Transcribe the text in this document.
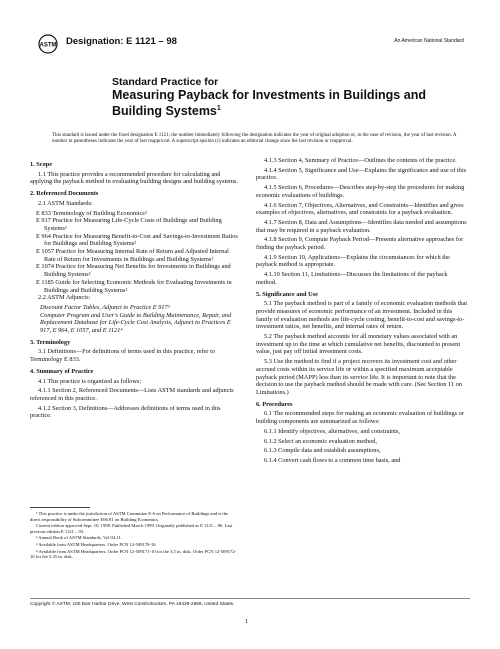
ASTM Designation: E 1121 – 98	An American National Standard
Standard Practice for
Measuring Payback for Investments in Buildings and
Building Systems$^1$
This standard is issued under the fixed designation E 1121; the number immediately following the designation indicates the year of original adoption or, in the case of revision, the year of last revision. A number in parentheses indicates the year of last reapproval. A superscript epsilon (ε) indicates an editorial change since the last revision or reapproval.
1. Scope
1.1 This practice provides a recommended procedure for calculating and applying the payback method in evaluating building designs and building systems.
2. Referenced Documents
2.1 ASTM Standards:
E 833 Terminology of Building Economics²
E 917 Practice for Measuring Life-Cycle Costs of Buildings and Building Systems²
E 964 Practice for Measuring Benefit-to-Cost and Savings-to-Investment Ratios for Buildings and Building Systems²
E 1057 Practice for Measuring Internal Rate of Return and Adjusted Internal Rate of Return for Investments in Buildings and Building Systems²
E 1074 Practice for Measuring Net Benefits for Investments in Buildings and Building Systems²
E 1185 Guide for Selecting Economic Methods for Evaluating Investments in Buildings and Building Systems²
2.2 ASTM Adjuncts:
Discount Factor Tables, Adjunct to Practice E 917³
Computer Program and User's Guide to Building Maintenance, Repair, and Replacement Database for Life-Cycle Cost Analysis, Adjunct to Practices E 917, E 964, E 1057, and E 1121⁴
3. Terminology
3.1 Definitions—For definitions of terms used in this practice, refer to Terminology E 833.
4. Summary of Practice
4.1 This practice is organized as follows:
4.1.1 Section 2, Referenced Documents—Lists ASTM standards and adjuncts referenced in this practice.
4.1.2 Section 3, Definitions—Addresses definitions of terms used in this practice.
¹ This practice is under the jurisdiction of ASTM Committee E-6 on Performance of Buildings and is the direct responsibility of Subcommittee E06.81 on Building Economics.
Current edition approved Sept. 10, 1998. Published March 1999. Originally published as E 1121 – 86. Last previous edition E 1121 – 93.
² Annual Book of ASTM Standards, Vol 04.11.
³ Available from ASTM Headquarters. Order PCN 12-509170-10.
⁴ Available from ASTM Headquarters. Order PCN 12-509171-10 for the 3.5 in. disk. Order PCN 12-509172-10 for the 5.25 in. disk.
4.1.3 Section 4, Summary of Practice—Outlines the contents of the practice.
4.1.4 Section 5, Significance and Use—Explains the significance and use of this practice.
4.1.5 Section 6, Procedures—Describes step-by-step the procedures for making economic evaluations of buildings.
4.1.6 Section 7, Objectives, Alternatives, and Constraints—Identifies and gives examples of objectives, alternatives, and constraints for a payback evaluation.
4.1.7 Section 8, Data and Assumptions—Identifies data needed and assumptions that may be required in a payback evaluation.
4.1.8 Section 9, Compute Payback Period—Presents alternative approaches for finding the payback period.
4.1.9 Section 10, Applications—Explains the circumstances for which the payback method is appropriate.
4.1.10 Section 11, Limitations—Discusses the limitations of the payback method.
5. Significance and Use
5.1 The payback method is part of a family of economic evaluation methods that provide measures of economic performance of an investment. Included in this family of evaluation methods are life-cycle costing, benefit-to-cost and savings-to-investment ratios, net benefits, and internal rates of return.
5.2 The payback method accounts for all monetary values associated with an investment up to the time at which cumulative net benefits, discounted to present value, just pay off initial investment costs.
5.3 Use the method to find if a project recovers its investment cost and other accrued costs within its service life or within a specified maximum acceptable payback period (MAPP) less than its service life. It is important to note that the decision to use the payback method should be made with care. (See Section 11 on Limitations.)
6. Procedures
6.1 The recommended steps for making an economic evaluation of buildings or building components are summarized as follows:
6.1.1 Identify objectives, alternatives, and constraints,
6.1.2 Select an economic evaluation method,
6.1.3 Compile data and establish assumptions,
6.1.4 Convert cash flows to a common time basis, and
Copyright © ASTM, 100 Barr Harbor Drive, West Conshohocken, PA 19428-2959, United States.
1
